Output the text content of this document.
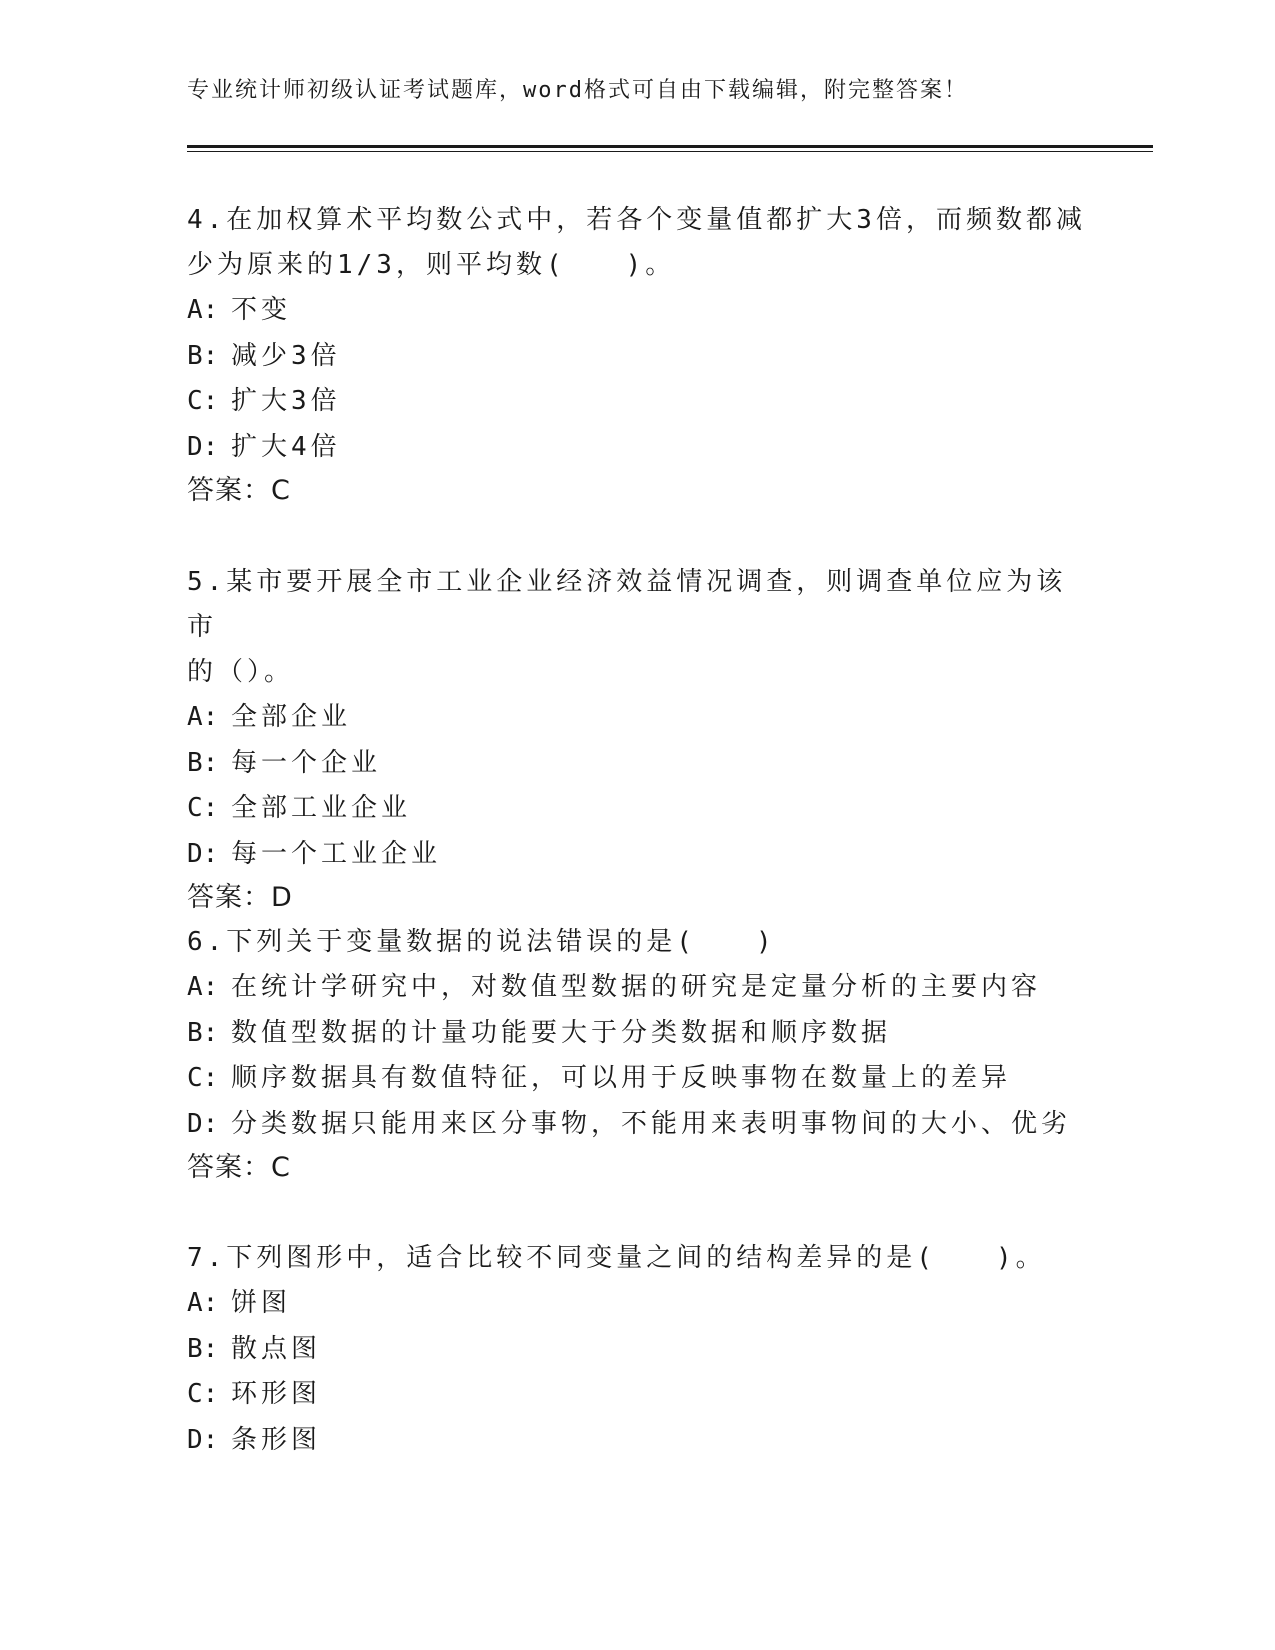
专业统计师初级认证考试题库，word格式可自由下载编辑，附完整答案！
4.在加权算术平均数公式中，若各个变量值都扩大3倍，而频数都减
少为原来的1/3，则平均数(　　)。
A: 不变
B: 减少3倍
C: 扩大3倍
D: 扩大4倍
答案：C
5.某市要开展全市工业企业经济效益情况调查，则调查单位应为该市
的（）。
A: 全部企业
B: 每一个企业
C: 全部工业企业
D: 每一个工业企业
答案：D
6.下列关于变量数据的说法错误的是(　　)
A: 在统计学研究中，对数值型数据的研究是定量分析的主要内容
B: 数值型数据的计量功能要大于分类数据和顺序数据
C: 顺序数据具有数值特征，可以用于反映事物在数量上的差异
D: 分类数据只能用来区分事物，不能用来表明事物间的大小、优劣
答案：C
7.下列图形中，适合比较不同变量之间的结构差异的是(　　)。
A: 饼图
B: 散点图
C: 环形图
D: 条形图
